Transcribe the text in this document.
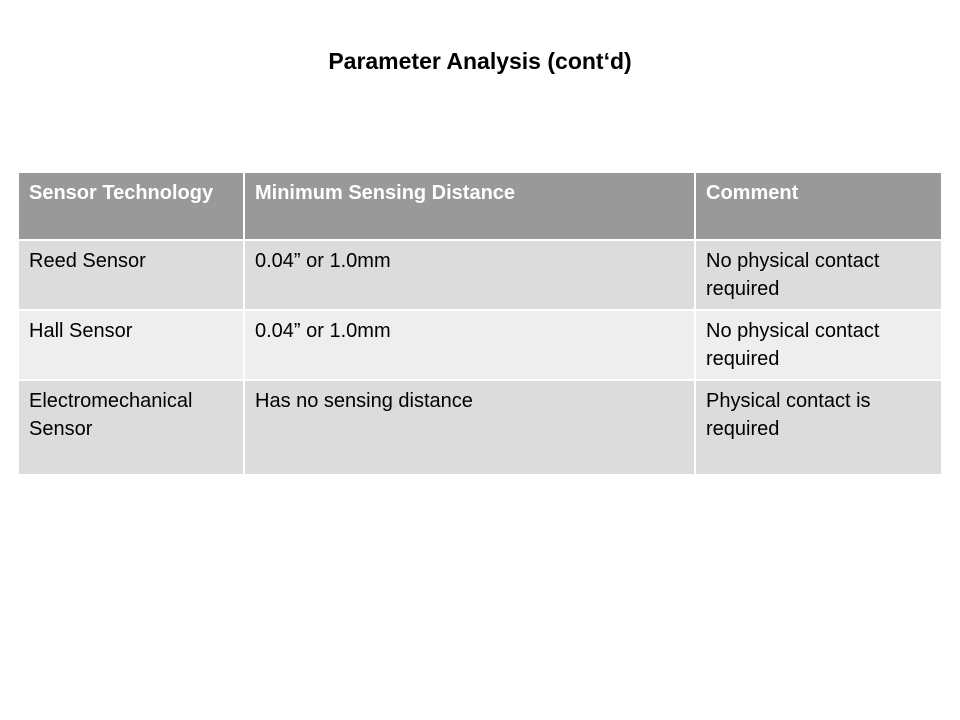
Parameter Analysis (cont‘d)
Sensor Technology	Minimum Sensing Distance	Comment
Reed Sensor	0.04” or 1.0mm	No physical contact required
Hall Sensor	0.04” or 1.0mm	No physical contact required
Electromechanical Sensor	Has no sensing distance	Physical contact is required
